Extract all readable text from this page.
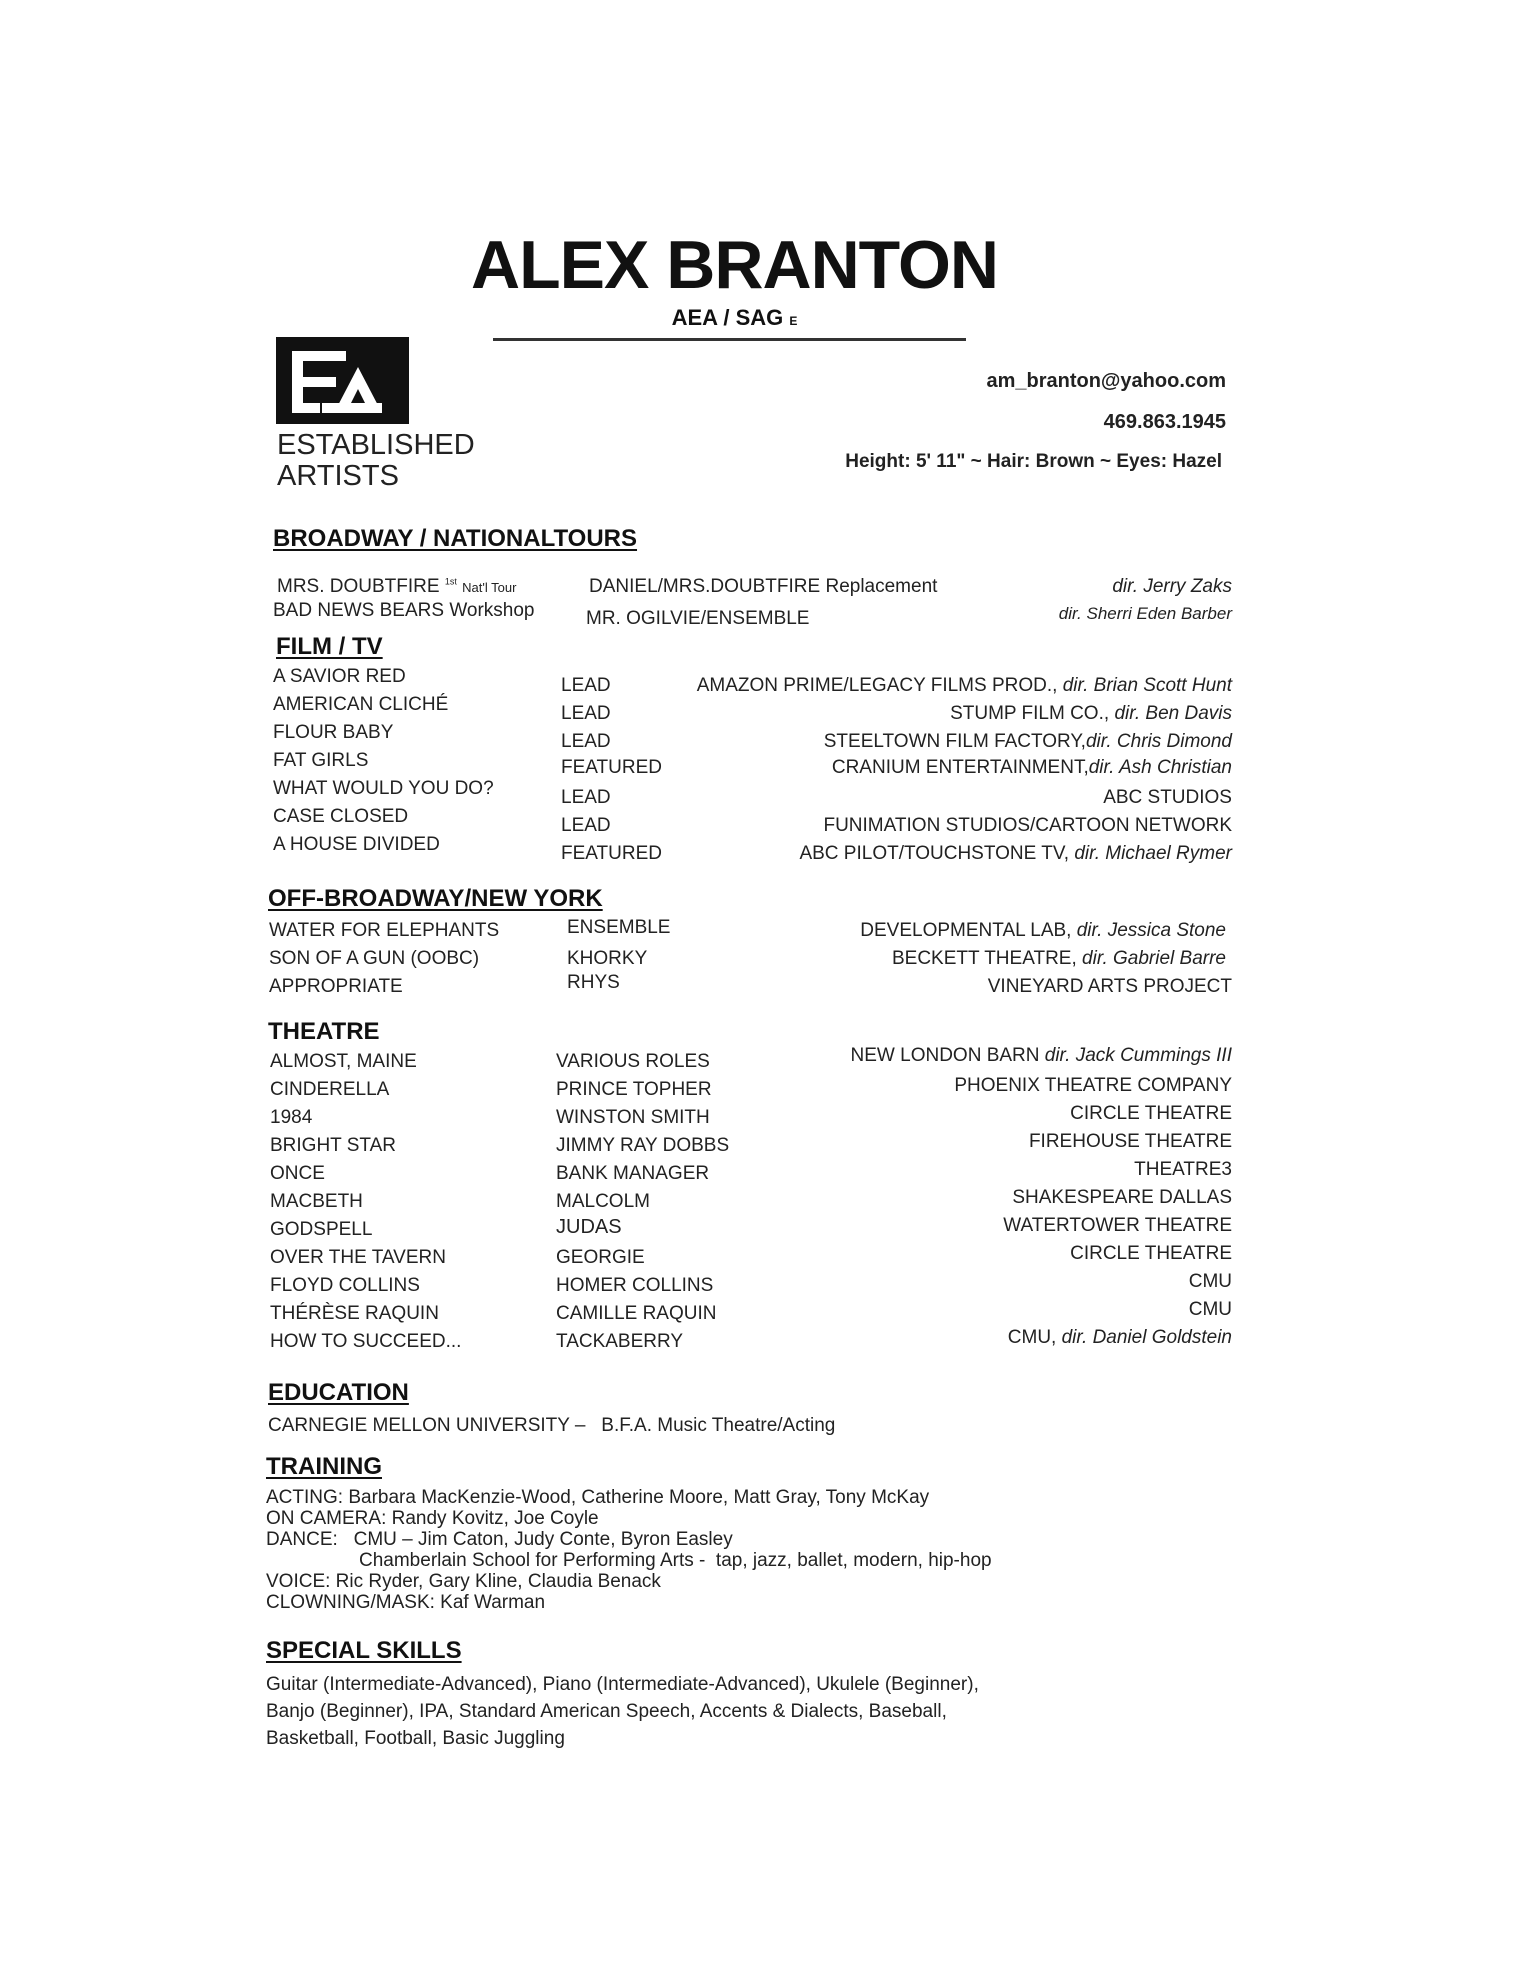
ALEX BRANTON
AEA / SAG E
ESTABLISHED
ARTISTS
am_branton@yahoo.com
469.863.1945
Height: 5' 11" ~ Hair: Brown ~ Eyes: Hazel
BROADWAY / NATIONALTOURS
MRS. DOUBTFIRE $^{1st}$ Nat'l Tour	DANIEL/MRS.DOUBTFIRE Replacement	dir. Jerry Zaks
BAD NEWS BEARS Workshop	MR. OGILVIE/ENSEMBLE	dir. Sherri Eden Barber
FILM / TV
A SAVIOR RED	LEAD	AMAZON PRIME/LEGACY FILMS PROD., dir. Brian Scott Hunt
AMERICAN CLICHÉ	LEAD	STUMP FILM CO., dir. Ben Davis
FLOUR BABY	LEAD	STEELTOWN FILM FACTORY,dir. Chris Dimond
FAT GIRLS	FEATURED	CRANIUM ENTERTAINMENT,dir. Ash Christian
WHAT WOULD YOU DO?	LEAD	ABC STUDIOS
CASE CLOSED	LEAD	FUNIMATION STUDIOS/CARTOON NETWORK
A HOUSE DIVIDED	FEATURED	ABC PILOT/TOUCHSTONE TV, dir. Michael Rymer
OFF-BROADWAY/NEW YORK
WATER FOR ELEPHANTS	ENSEMBLE	DEVELOPMENTAL LAB, dir. Jessica Stone
SON OF A GUN (OOBC)	KHORKY	BECKETT THEATRE, dir. Gabriel Barre
APPROPRIATE	RHYS	VINEYARD ARTS PROJECT
THEATRE
ALMOST, MAINE	VARIOUS ROLES	NEW LONDON BARN dir. Jack Cummings III
CINDERELLA	PRINCE TOPHER	PHOENIX THEATRE COMPANY
1984	WINSTON SMITH	CIRCLE THEATRE
BRIGHT STAR	JIMMY RAY DOBBS	FIREHOUSE THEATRE
ONCE	BANK MANAGER	THEATRE3
MACBETH	MALCOLM	SHAKESPEARE DALLAS
GODSPELL	JUDAS	WATERTOWER THEATRE
OVER THE TAVERN	GEORGIE	CIRCLE THEATRE
FLOYD COLLINS	HOMER COLLINS	CMU
THÉRÈSE RAQUIN	CAMILLE RAQUIN	CMU
HOW TO SUCCEED...	TACKABERRY	CMU, dir. Daniel Goldstein
EDUCATION
CARNEGIE MELLON UNIVERSITY –   B.F.A. Music Theatre/Acting
TRAINING
ACTING: Barbara MacKenzie-Wood, Catherine Moore, Matt Gray, Tony McKay
ON CAMERA: Randy Kovitz, Joe Coyle
DANCE:   CMU – Jim Caton, Judy Conte, Byron Easley
Chamberlain School for Performing Arts -  tap, jazz, ballet, modern, hip-hop
VOICE: Ric Ryder, Gary Kline, Claudia Benack
CLOWNING/MASK: Kaf Warman
SPECIAL SKILLS
Guitar (Intermediate-Advanced), Piano (Intermediate-Advanced), Ukulele (Beginner),
Banjo (Beginner), IPA, Standard American Speech, Accents & Dialects, Baseball,
Basketball, Football, Basic Juggling
